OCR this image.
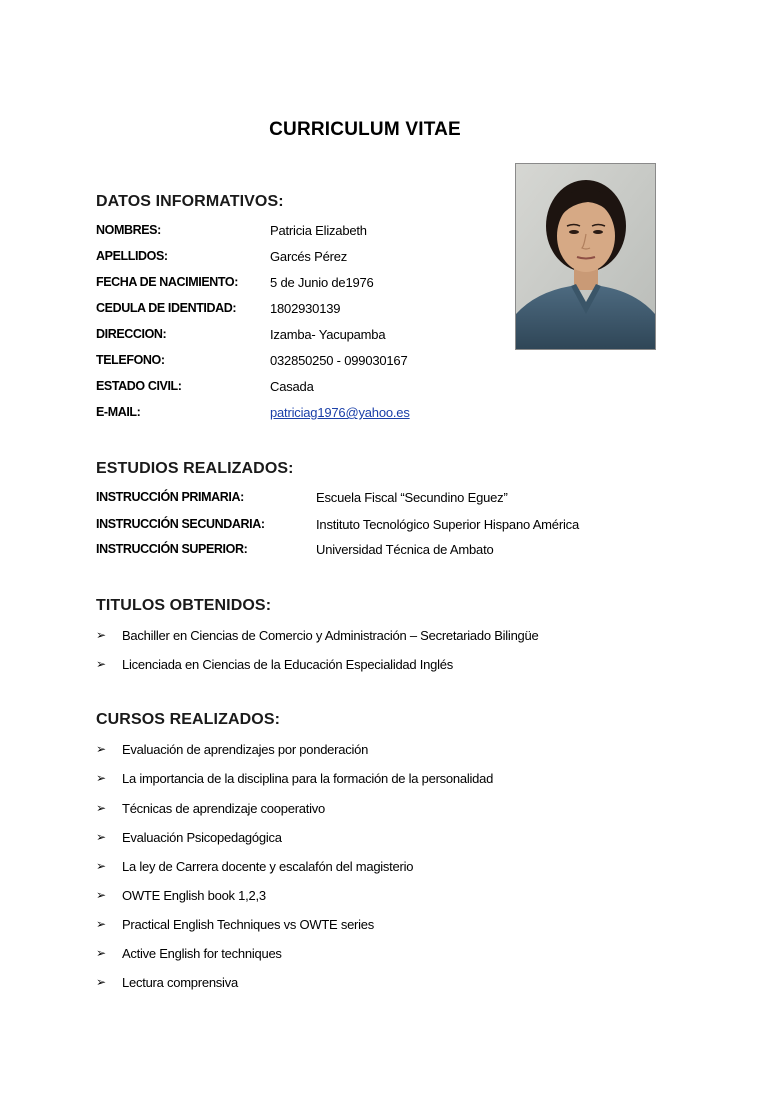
CURRICULUM VITAE
DATOS INFORMATIVOS:
NOMBRES:	Patricia Elizabeth
APELLIDOS:	Garcés Pérez
FECHA DE NACIMIENTO: 5 de Junio de1976
CEDULA DE IDENTIDAD:	1802930139
DIRECCION:	Izamba- Yacupamba
TELEFONO:	032850250 - 099030167
ESTADO CIVIL:	Casada
E-MAIL:	patriciag1976@yahoo.es
ESTUDIOS REALIZADOS:
INSTRUCCIÓN PRIMARIA:	Escuela Fiscal “Secundino Eguez”
INSTRUCCIÓN SECUNDARIA:	Instituto Tecnológico Superior Hispano América
INSTRUCCIÓN SUPERIOR:	Universidad Técnica de Ambato
TITULOS OBTENIDOS:
➢ Bachiller en Ciencias de Comercio y Administración – Secretariado Bilingüe
➢ Licenciada en Ciencias de la Educación Especialidad Inglés
CURSOS REALIZADOS:
➢ Evaluación de aprendizajes por ponderación
➢ La importancia de la disciplina para la formación de la personalidad
➢ Técnicas de aprendizaje cooperativo
➢ Evaluación Psicopedagógica
➢ La ley de Carrera docente y escalafón del magisterio
➢ OWTE English book 1,2,3
➢ Practical English Techniques vs OWTE series
➢ Active English for techniques
➢ Lectura comprensiva
